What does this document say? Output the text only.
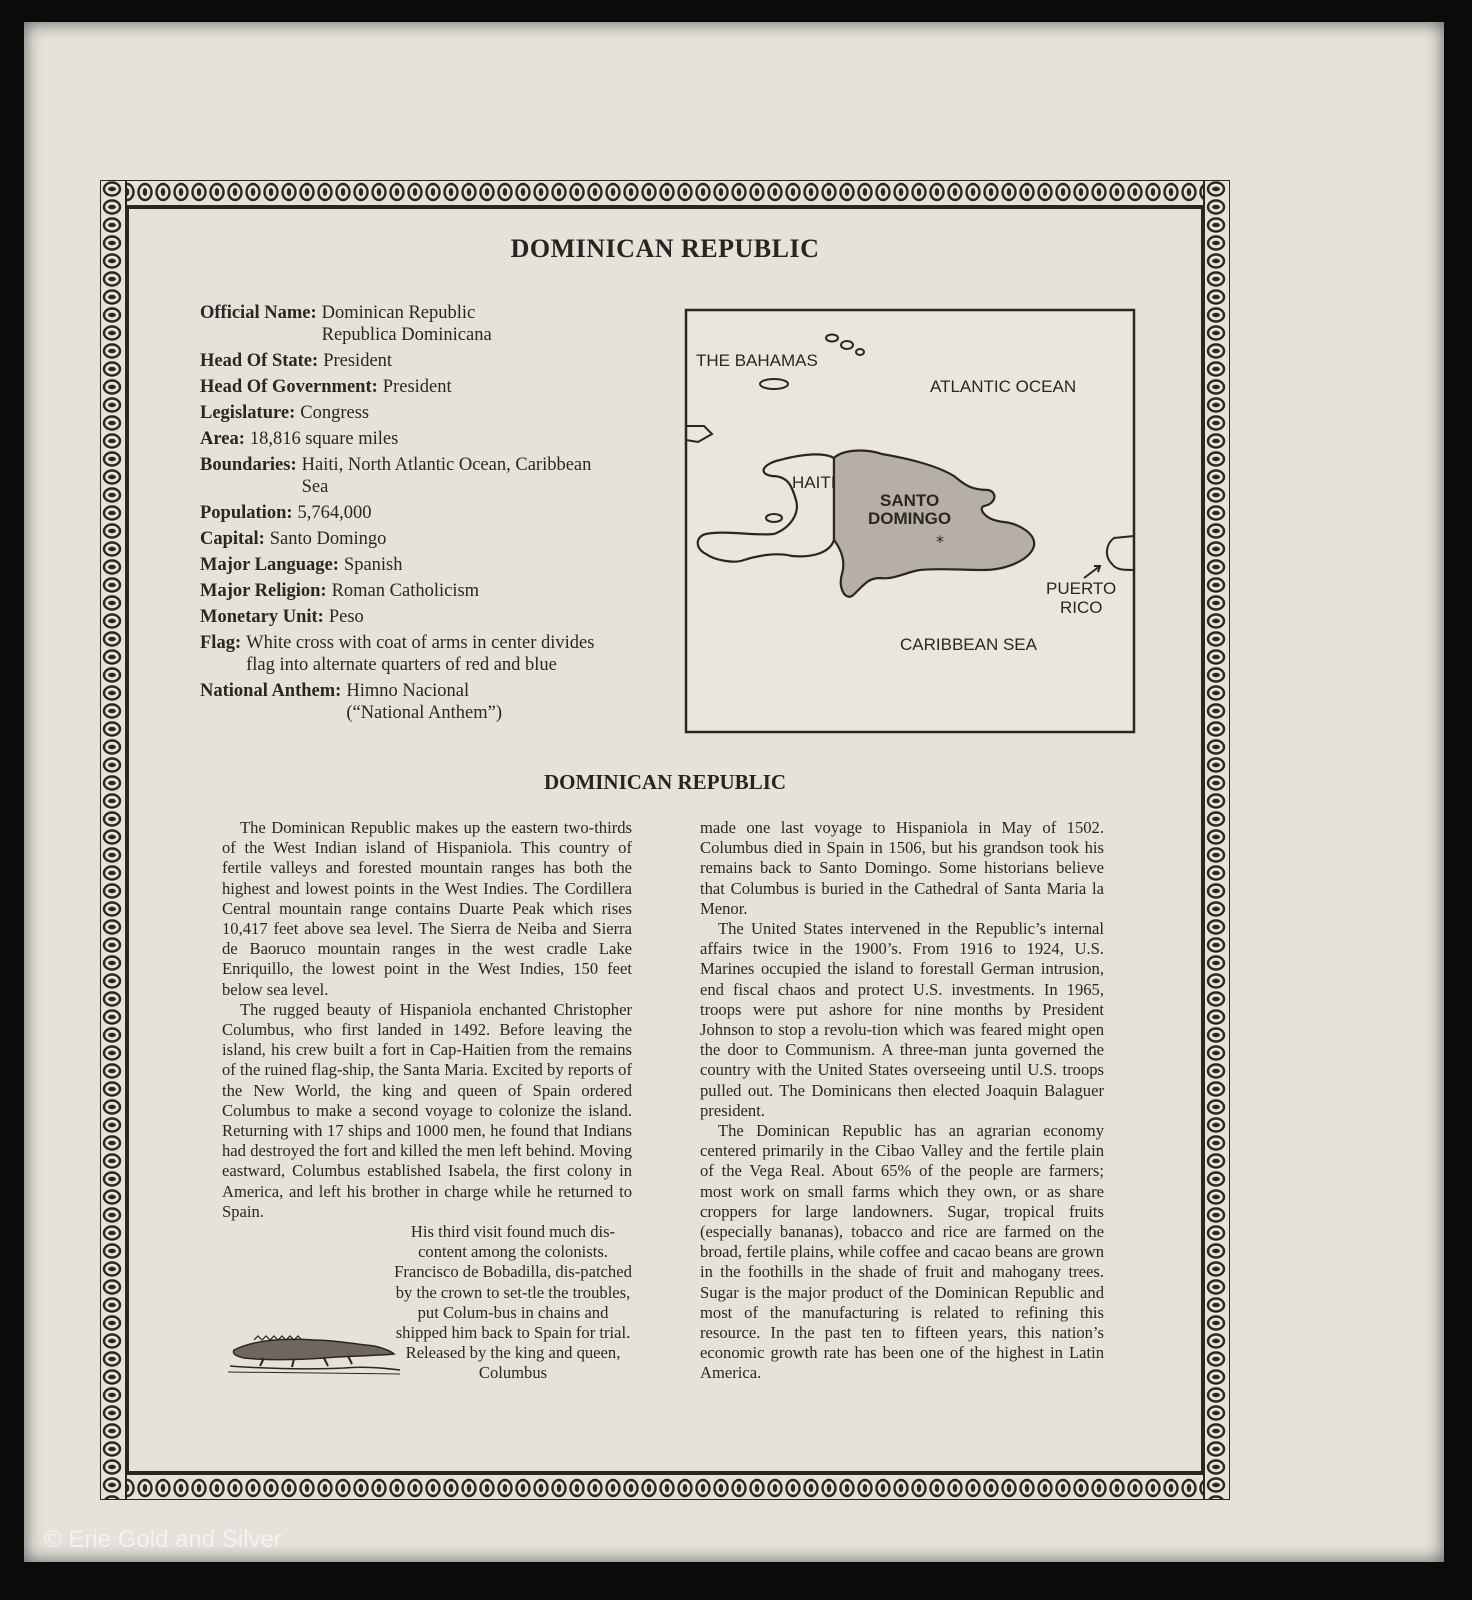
DOMINICAN REPUBLIC
Official Name: Dominican Republic
Republica Dominicana
Head Of State: President
Head Of Government: President
Legislature: Congress
Area: 18,816 square miles
Boundaries: Haiti, North Atlantic Ocean, Caribbean
Sea
Population: 5,764,000
Capital: Santo Domingo
Major Language: Spanish
Major Religion: Roman Catholicism
Monetary Unit: Peso
Flag: White cross with coat of arms in center divides
flag into alternate quarters of red and blue
National Anthem: Himno Nacional
(“National Anthem”)
*
THE BAHAMAS
ATLANTIC OCEAN
HAITI
SANTO
DOMINGO
PUERTO
RICO
CARIBBEAN SEA
DOMINICAN REPUBLIC

The Dominican Republic makes up the eastern two-thirds of the West Indian island of Hispaniola. This country of fertile valleys and forested mountain ranges has both the highest and lowest points in the West Indies. The Cordillera Central mountain range contains Duarte Peak which rises 10,417 feet above sea level. The Sierra de Neiba and Sierra de Baoruco mountain ranges in the west cradle Lake Enriquillo, the lowest point in the West Indies, 150 feet below sea level.

The rugged beauty of Hispaniola enchanted Christopher Columbus, who first landed in 1492. Before leaving the island, his crew built a fort in Cap-Haitien from the remains of the ruined flag-ship, the Santa Maria. Excited by reports of the New World, the king and queen of Spain ordered Columbus to make a second voyage to colonize the island. Returning with 17 ships and 1000 men, he found that Indians had destroyed the fort and killed the men left behind. Moving eastward, Columbus established Isabela, the first colony in America, and left his brother in charge while he returned to Spain.

His third visit found much dis-content among the colonists. Francisco de Bobadilla, dis-patched by the crown to set-tle the troubles, put Colum-bus in chains and shipped him back to Spain for trial. Released by the king and queen, Columbus

made one last voyage to Hispaniola in May of 1502. Columbus died in Spain in 1506, but his grandson took his remains back to Santo Domingo. Some historians believe that Columbus is buried in the Cathedral of Santa Maria la Menor.

The United States intervened in the Republic’s internal affairs twice in the 1900’s. From 1916 to 1924, U.S. Marines occupied the island to forestall German intrusion, end fiscal chaos and protect U.S. investments. In 1965, troops were put ashore for nine months by President Johnson to stop a revolu-tion which was feared might open the door to Communism. A three-man junta governed the country with the United States overseeing until U.S. troops pulled out. The Dominicans then elected Joaquin Balaguer president.

The Dominican Republic has an agrarian economy centered primarily in the Cibao Valley and the fertile plain of the Vega Real. About 65% of the people are farmers; most work on small farms which they own, or as share croppers for large landowners. Sugar, tropical fruits (especially bananas), tobacco and rice are farmed on the broad, fertile plains, while coffee and cacao beans are grown in the foothills in the shade of fruit and mahogany trees. Sugar is the major product of the Dominican Republic and most of the manufacturing is related to refining this resource. In the past ten to fifteen years, this nation’s economic growth rate has been one of the highest in Latin America.

© Erie Gold and Silver
